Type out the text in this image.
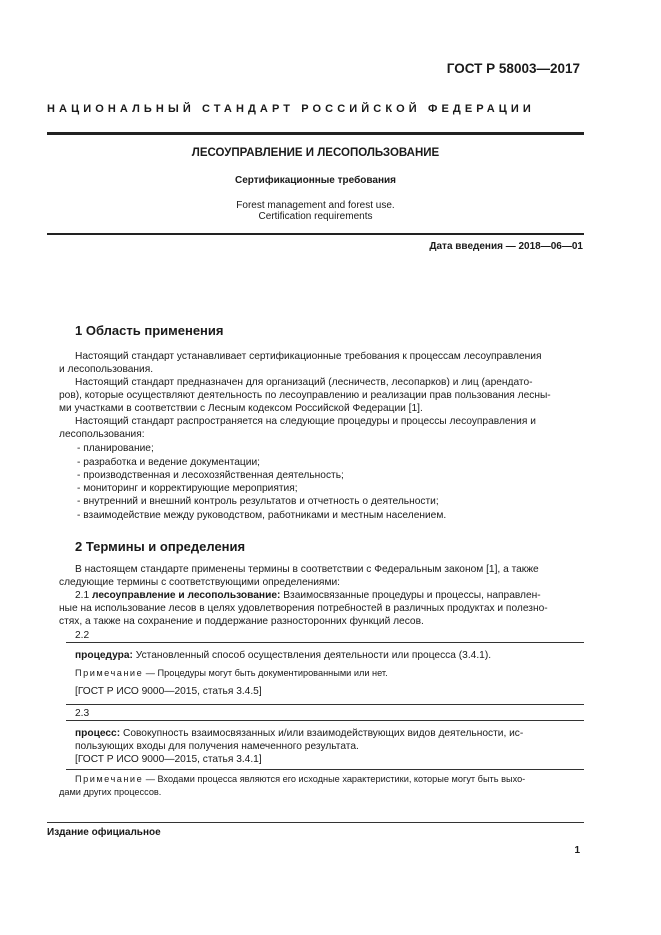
ГОСТ Р 58003—2017
НАЦИОНАЛЬНЫЙ СТАНДАРТ РОССИЙСКОЙ ФЕДЕРАЦИИ
ЛЕСОУПРАВЛЕНИЕ И ЛЕСОПОЛЬЗОВАНИЕ
Сертификационные требования
Forest management and forest use.
Certification requirements
Дата введения — 2018—06—01
1 Область применения
Настоящий стандарт устанавливает сертификационные требования к процессам лесоуправления
и лесопользования.
Настоящий стандарт предназначен для организаций (лесничеств, лесопарков) и лиц (арендато-
ров), которые осуществляют деятельность по лесоуправлению и реализации прав пользования лесны-
ми участками в соответствии с Лесным кодексом Российской Федерации [1].
Настоящий стандарт распространяется на следующие процедуры и процессы лесоуправления и
лесопользования:
- планирование;
- разработка и ведение документации;
- производственная и лесохозяйственная деятельность;
- мониторинг и корректирующие мероприятия;
- внутренний и внешний контроль результатов и отчетность о деятельности;
- взаимодействие между руководством, работниками и местным населением.
2 Термины и определения
В настоящем стандарте применены термины в соответствии с Федеральным законом [1], а также
следующие термины с соответствующими определениями:
2.1 лесоуправление и лесопользование: Взаимосвязанные процедуры и процессы, направлен-
ные на использование лесов в целях удовлетворения потребностей в различных продуктах и полезно-
стях, а также на сохранение и поддержание разносторонних функций лесов.
2.2
процедура: Установленный способ осуществления деятельности или процесса (3.4.1).
Примечание — Процедуры могут быть документированными или нет.
[ГОСТ Р ИСО 9000—2015, статья 3.4.5]
2.3
процесс: Совокупность взаимосвязанных и/или взаимодействующих видов деятельности, ис-
пользующих входы для получения намеченного результата.
[ГОСТ Р ИСО 9000—2015, статья 3.4.1]
Примечание — Входами процесса являются его исходные характеристики, которые могут быть выхо-
дами других процессов.
Издание официальное
1
